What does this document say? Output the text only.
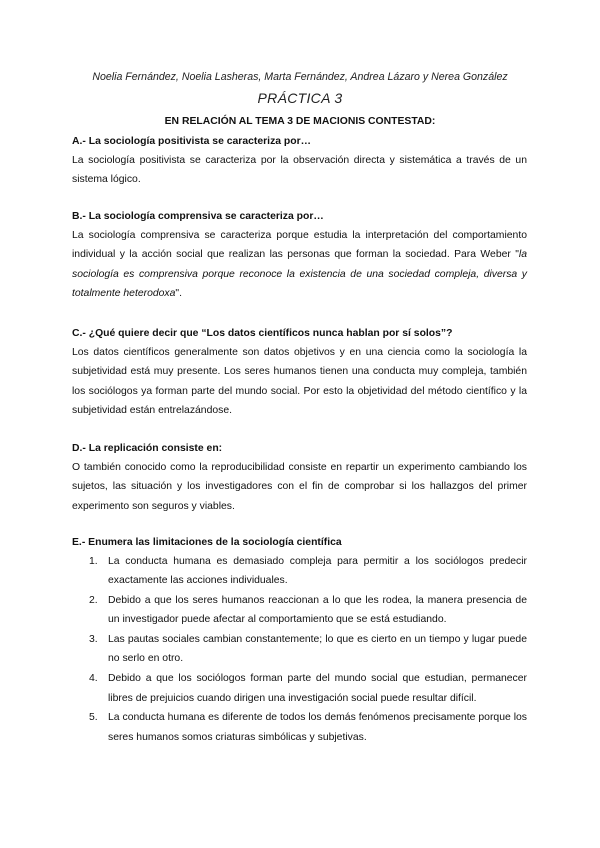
Noelia Fernández, Noelia Lasheras, Marta Fernández, Andrea Lázaro y Nerea González
PRÁCTICA 3
EN RELACIÓN AL TEMA 3 DE MACIONIS CONTESTAD:
A.- La sociología positivista se caracteriza por…
La sociología positivista se caracteriza por la observación directa y sistemática a través de un sistema lógico.
B.- La sociología comprensiva se caracteriza por…
La sociología comprensiva se caracteriza porque estudia la interpretación del comportamiento individual y la acción social que realizan las personas que forman la sociedad. Para Weber "la sociología es comprensiva porque reconoce la existencia de una sociedad compleja, diversa y totalmente heterodoxa".
C.- ¿Qué quiere decir que “Los datos científicos nunca hablan por sí solos”?
Los datos científicos generalmente son datos objetivos y en una ciencia como la sociología la subjetividad está muy presente. Los seres humanos tienen una conducta muy compleja, también los sociólogos ya forman parte del mundo social. Por esto la objetividad del método científico y la subjetividad están entrelazándose.
D.- La replicación consiste en:
O también conocido como la reproducibilidad consiste en repartir un experimento cambiando los sujetos, las situación y los investigadores con el fin de comprobar si los hallazgos del primer experimento son seguros y viables.
E.- Enumera las limitaciones de la sociología científica
1. La conducta humana es demasiado compleja para permitir a los sociólogos predecir exactamente las acciones individuales.
2. Debido a que los seres humanos reaccionan a lo que les rodea, la manera presencia de un investigador puede afectar al comportamiento que se está estudiando.
3. Las pautas sociales cambian constantemente; lo que es cierto en un tiempo y lugar puede no serlo en otro.
4. Debido a que los sociólogos forman parte del mundo social que estudian, permanecer libres de prejuicios cuando dirigen una investigación social puede resultar difícil.
5. La conducta humana es diferente de todos los demás fenómenos precisamente porque los seres humanos somos criaturas simbólicas y subjetivas.
